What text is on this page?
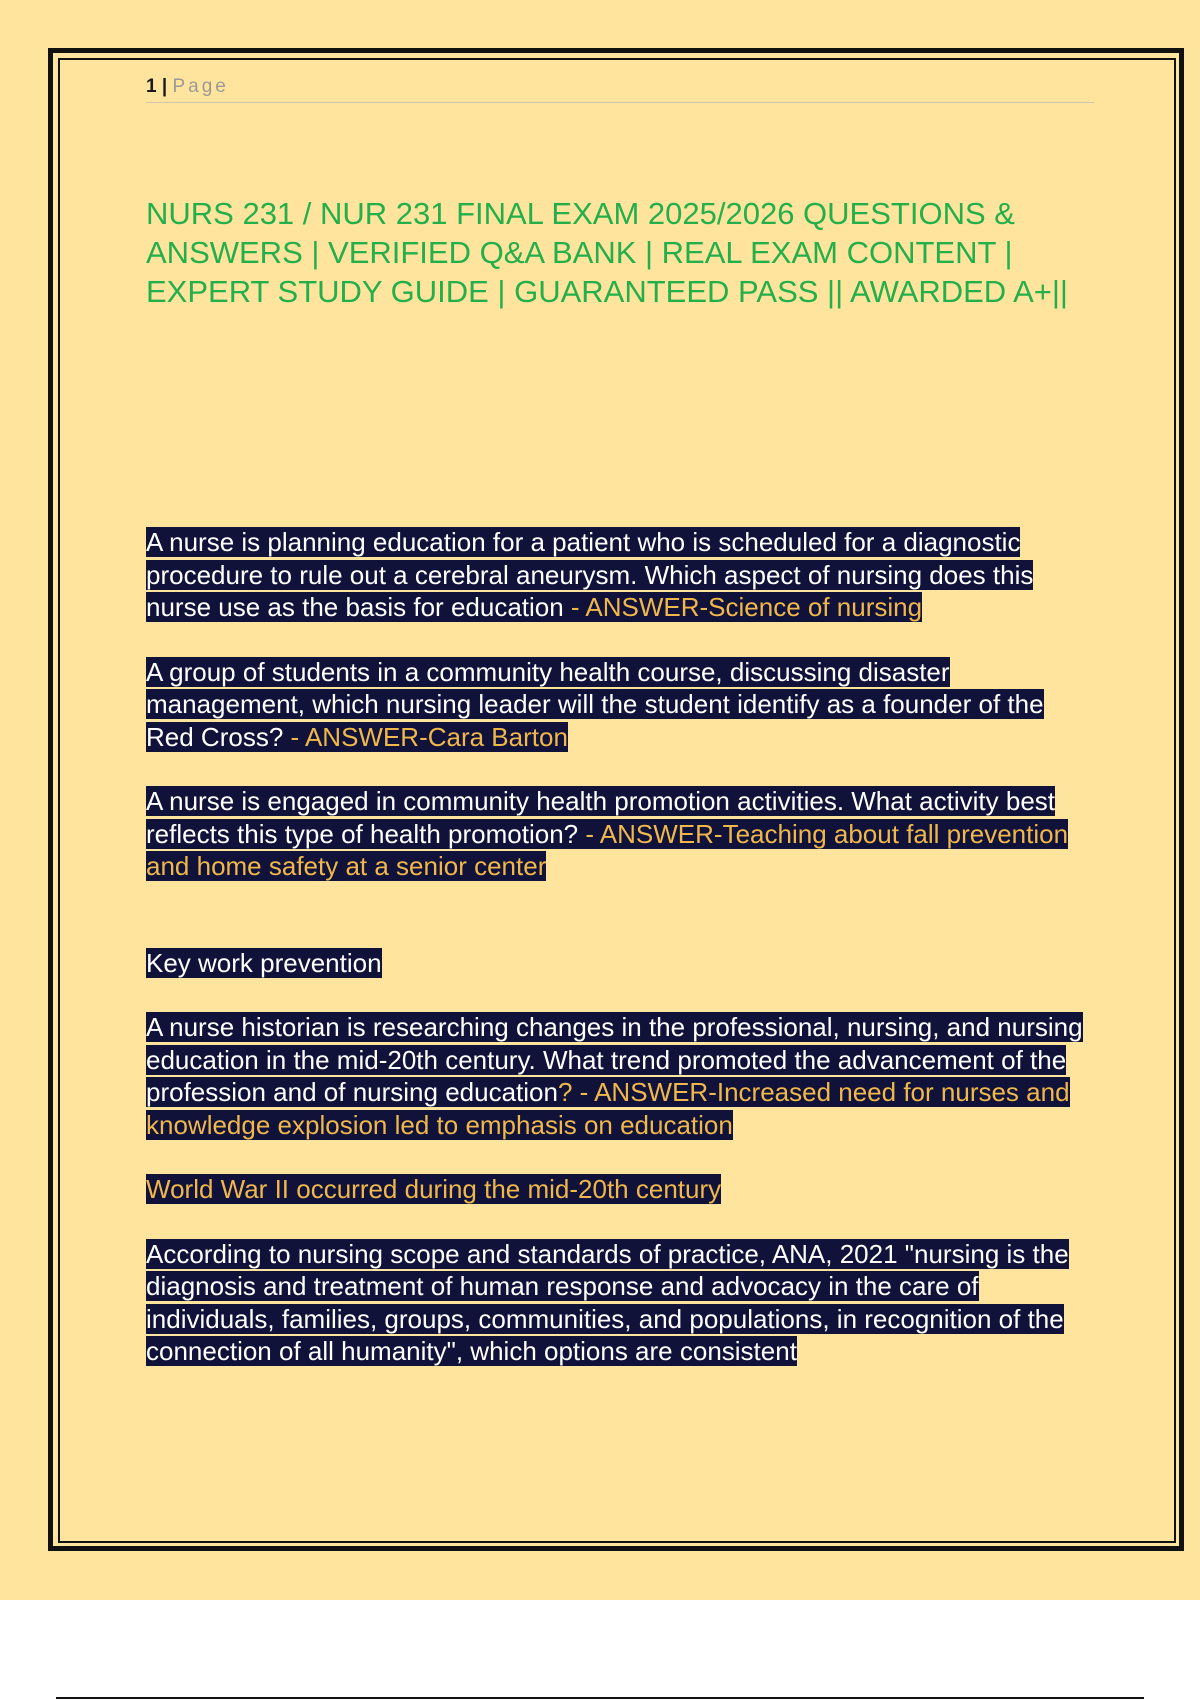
1 | Page
NURS 231 / NUR 231 FINAL EXAM 2025/2026 QUESTIONS & ANSWERS | VERIFIED Q&A BANK | REAL EXAM CONTENT | EXPERT STUDY GUIDE | GUARANTEED PASS || AWARDED A+||

A nurse is planning education for a patient who is scheduled for a diagnostic procedure to rule out a cerebral aneurysm. Which aspect of nursing does this nurse use as the basis for education - ANSWER-Science of nursing

A group of students in a community health course, discussing disaster management, which nursing leader will the student identify as a founder of the Red Cross? - ANSWER-Cara Barton

A nurse is engaged in community health promotion activities. What activity best reflects this type of health promotion? - ANSWER-Teaching about fall prevention and home safety at a senior center

Key work prevention

A nurse historian is researching changes in the professional, nursing, and nursing education in the mid-20th century. What trend promoted the advancement of the profession and of nursing education? - ANSWER-Increased need for nurses and knowledge explosion led to emphasis on education

World War II occurred during the mid-20th century

According to nursing scope and standards of practice, ANA, 2021 "nursing is the diagnosis and treatment of human response and advocacy in the care of individuals, families, groups, communities, and populations, in recognition of the connection of all humanity", which options are consistent
